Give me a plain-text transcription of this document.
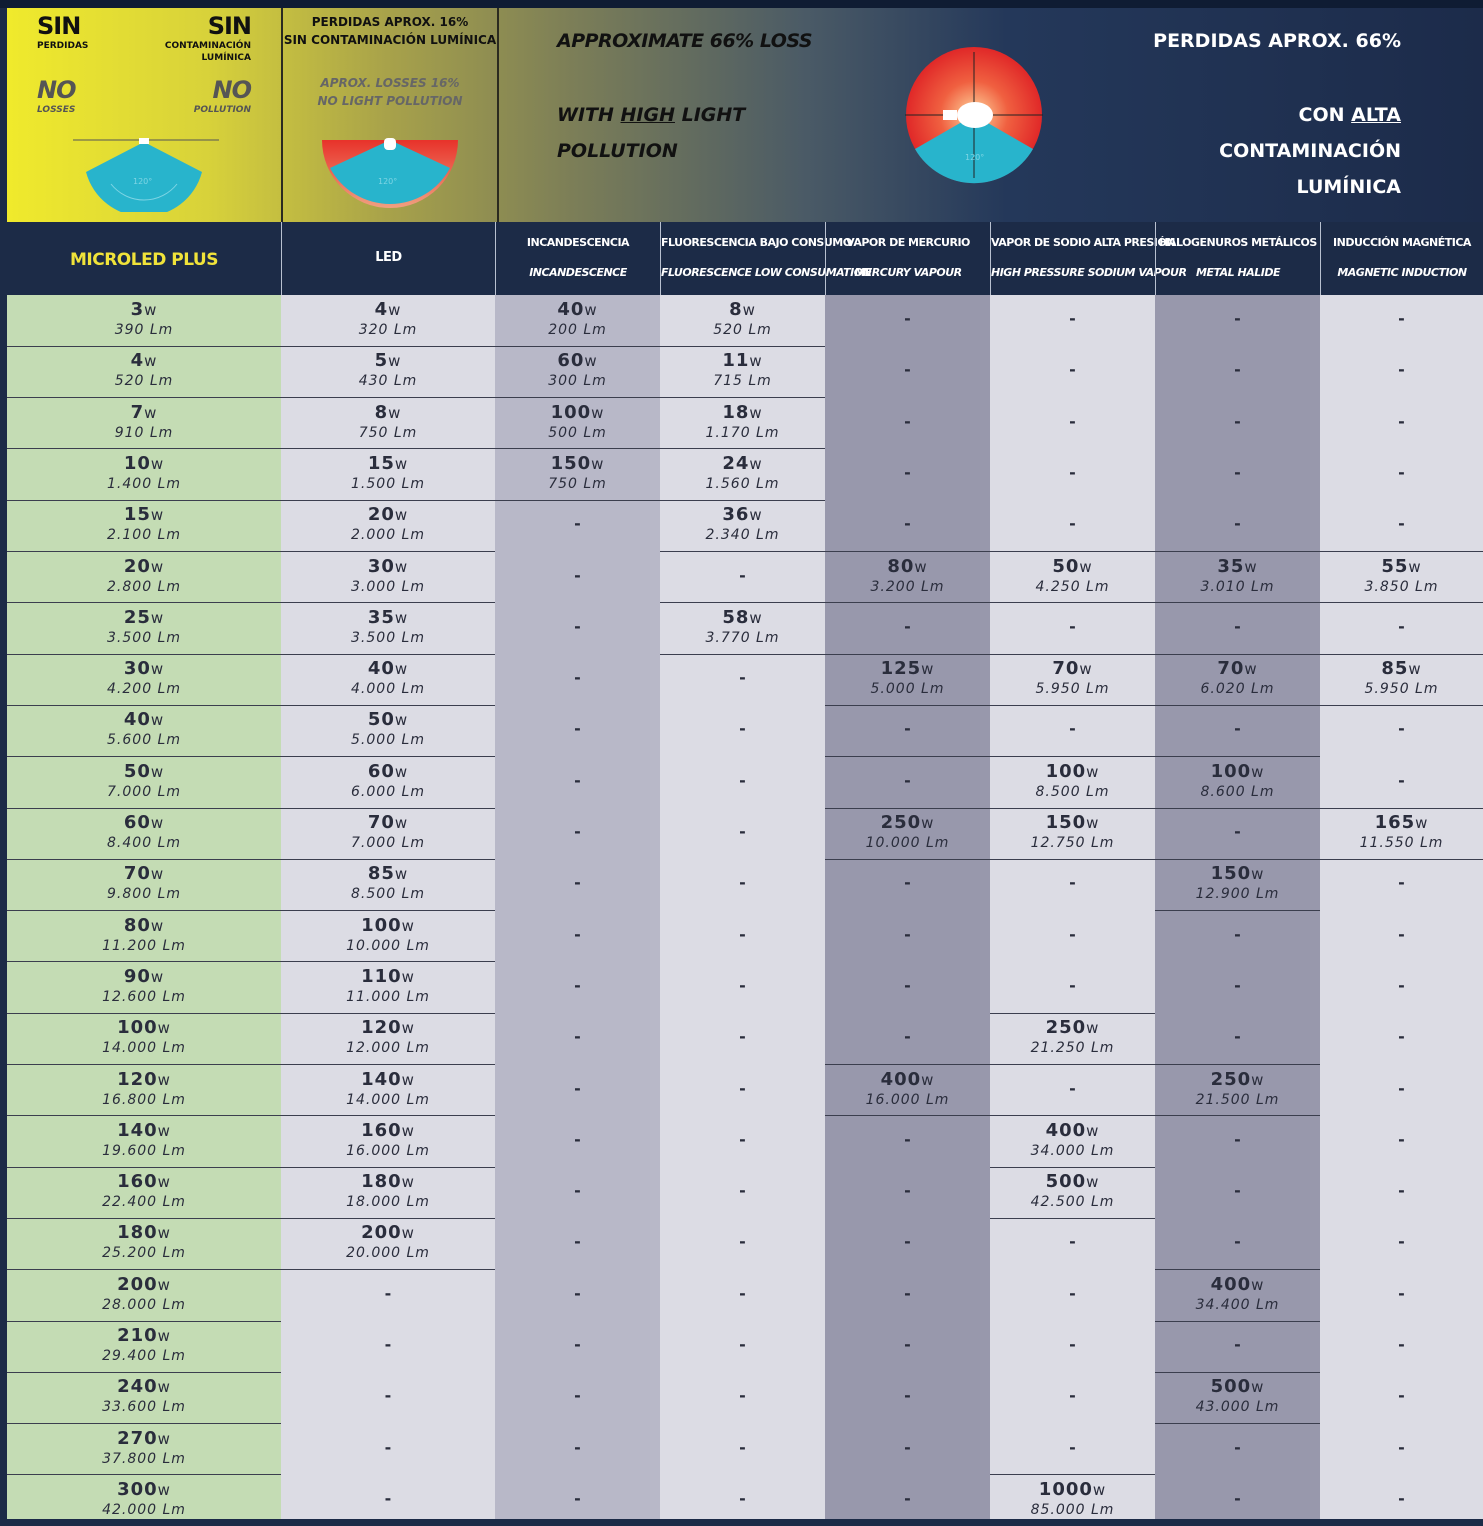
SIN
PERDIDAS
SIN
CONTAMINACIÓN
LUMÍNICA
NO
LOSSES
NO
POLLUTION
120°
PERDIDAS APROX. 16%
SIN CONTAMINACIÓN LUMÍNICA
APROX. LOSSES 16%
NO LIGHT POLLUTION
120°
APPROXIMATE 66% LOSS
WITH HIGH LIGHT
POLLUTION	120°
PERDIDAS APROX. 66%
CON ALTA
CONTAMINACIÓN
LUMÍNICA
MICROLED PLUS	LED
INCANDESCENCIA
INCANDESCENCE
FLUORESCENCIA BAJO CONSUMO
FLUORESCENCE LOW CONSUMATION
VAPOR DE MERCURIO
MERCURY VAPOUR
VAPOR DE SODIO ALTA PRESIÓN
HIGH PRESSURE SODIUM VAPOUR
HALOGENUROS METÁLICOS
METAL HALIDE
INDUCCIÓN MAGNÉTICA
MAGNETIC INDUCTION
3w
390 Lm
4w
520 Lm
7w
910 Lm
10w
1.400 Lm
15w
2.100 Lm
20w
2.800 Lm
25w
3.500 Lm
30w
4.200 Lm
40w
5.600 Lm
50w
7.000 Lm
60w
8.400 Lm
70w
9.800 Lm
80w
11.200 Lm
90w
12.600 Lm
100w
14.000 Lm
120w
16.800 Lm
140w
19.600 Lm
160w
22.400 Lm
180w
25.200 Lm
200w
28.000 Lm
210w
29.400 Lm
240w
33.600 Lm
270w
37.800 Lm
300w
42.000 Lm
4w
320 Lm
5w
430 Lm
8w
750 Lm
15w
1.500 Lm
20w
2.000 Lm
30w
3.000 Lm
35w
3.500 Lm
40w
4.000 Lm
50w
5.000 Lm
60w
6.000 Lm
70w
7.000 Lm
85w
8.500 Lm
100w
10.000 Lm
110w
11.000 Lm
120w
12.000 Lm
140w
14.000 Lm
160w
16.000 Lm
180w
18.000 Lm
200w
20.000 Lm
-
-
-
-
-
40w
200 Lm
60w
300 Lm
100w
500 Lm
150w
750 Lm
-
-
-
-
-
-
-
-
-
-
-
-
-
-
-
-
-
-
-
-
8w
520 Lm
11w
715 Lm
18w
1.170 Lm
24w
1.560 Lm
36w
2.340 Lm
-
58w
3.770 Lm
-
-
-
-
-
-
-
-
-
-
-
-
-
-
-
-
-
-
-
-
-
-
80w
3.200 Lm
-
125w
5.000 Lm
-
-
250w
10.000 Lm
-
-
-
-
400w
16.000 Lm
-
-
-
-
-
-
-
-
-
-
-
-
-
50w
4.250 Lm
-
70w
5.950 Lm
-
100w
8.500 Lm
150w
12.750 Lm
-
-
-
250w
21.250 Lm
-
400w
34.000 Lm
500w
42.500 Lm
-
-
-
-
-
1000w
85.000 Lm
-
-
-
-
-
35w
3.010 Lm
-
70w
6.020 Lm
-
100w
8.600 Lm
-
150w
12.900 Lm
-
-
-
250w
21.500 Lm
-
-
-
400w
34.400 Lm
-
500w
43.000 Lm
-
-
-
-
-
-
-
55w
3.850 Lm
-
85w
5.950 Lm
-
-
165w
11.550 Lm
-
-
-
-
-
-
-
-
-
-
-
-
-
